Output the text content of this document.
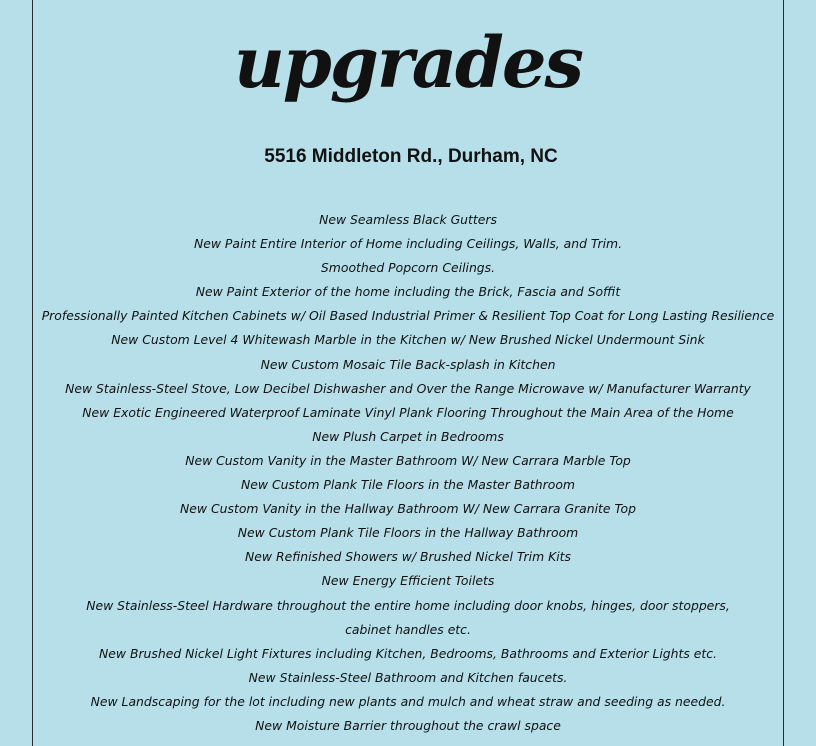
upgrades
5516 Middleton Rd., Durham, NC
New Seamless Black Gutters
New Paint Entire Interior of Home including Ceilings, Walls, and Trim.
Smoothed Popcorn Ceilings.
New Paint Exterior of the home including the Brick, Fascia and Soffit
Professionally Painted Kitchen Cabinets w/ Oil Based Industrial Primer & Resilient Top Coat for Long Lasting Resilience
New Custom Level 4 Whitewash Marble in the Kitchen w/ New Brushed Nickel Undermount Sink
New Custom Mosaic Tile Back-splash in Kitchen
New Stainless-Steel Stove, Low Decibel Dishwasher and Over the Range Microwave w/ Manufacturer Warranty
New Exotic Engineered Waterproof Laminate Vinyl Plank Flooring Throughout the Main Area of the Home
New Plush Carpet in Bedrooms
New Custom Vanity in the Master Bathroom W/ New Carrara Marble Top
New Custom Plank Tile Floors in the Master Bathroom
New Custom Vanity in the Hallway Bathroom W/ New Carrara Granite Top
New Custom Plank Tile Floors in the Hallway Bathroom
New Refinished Showers w/ Brushed Nickel Trim Kits
New Energy Efficient Toilets
New Stainless-Steel Hardware throughout the entire home including door knobs, hinges, door stoppers,
cabinet handles etc.
New Brushed Nickel Light Fixtures including Kitchen, Bedrooms, Bathrooms and Exterior Lights etc.
New Stainless-Steel Bathroom and Kitchen faucets.
New Landscaping for the lot including new plants and mulch and wheat straw and seeding as needed.
New Moisture Barrier throughout the crawl space
